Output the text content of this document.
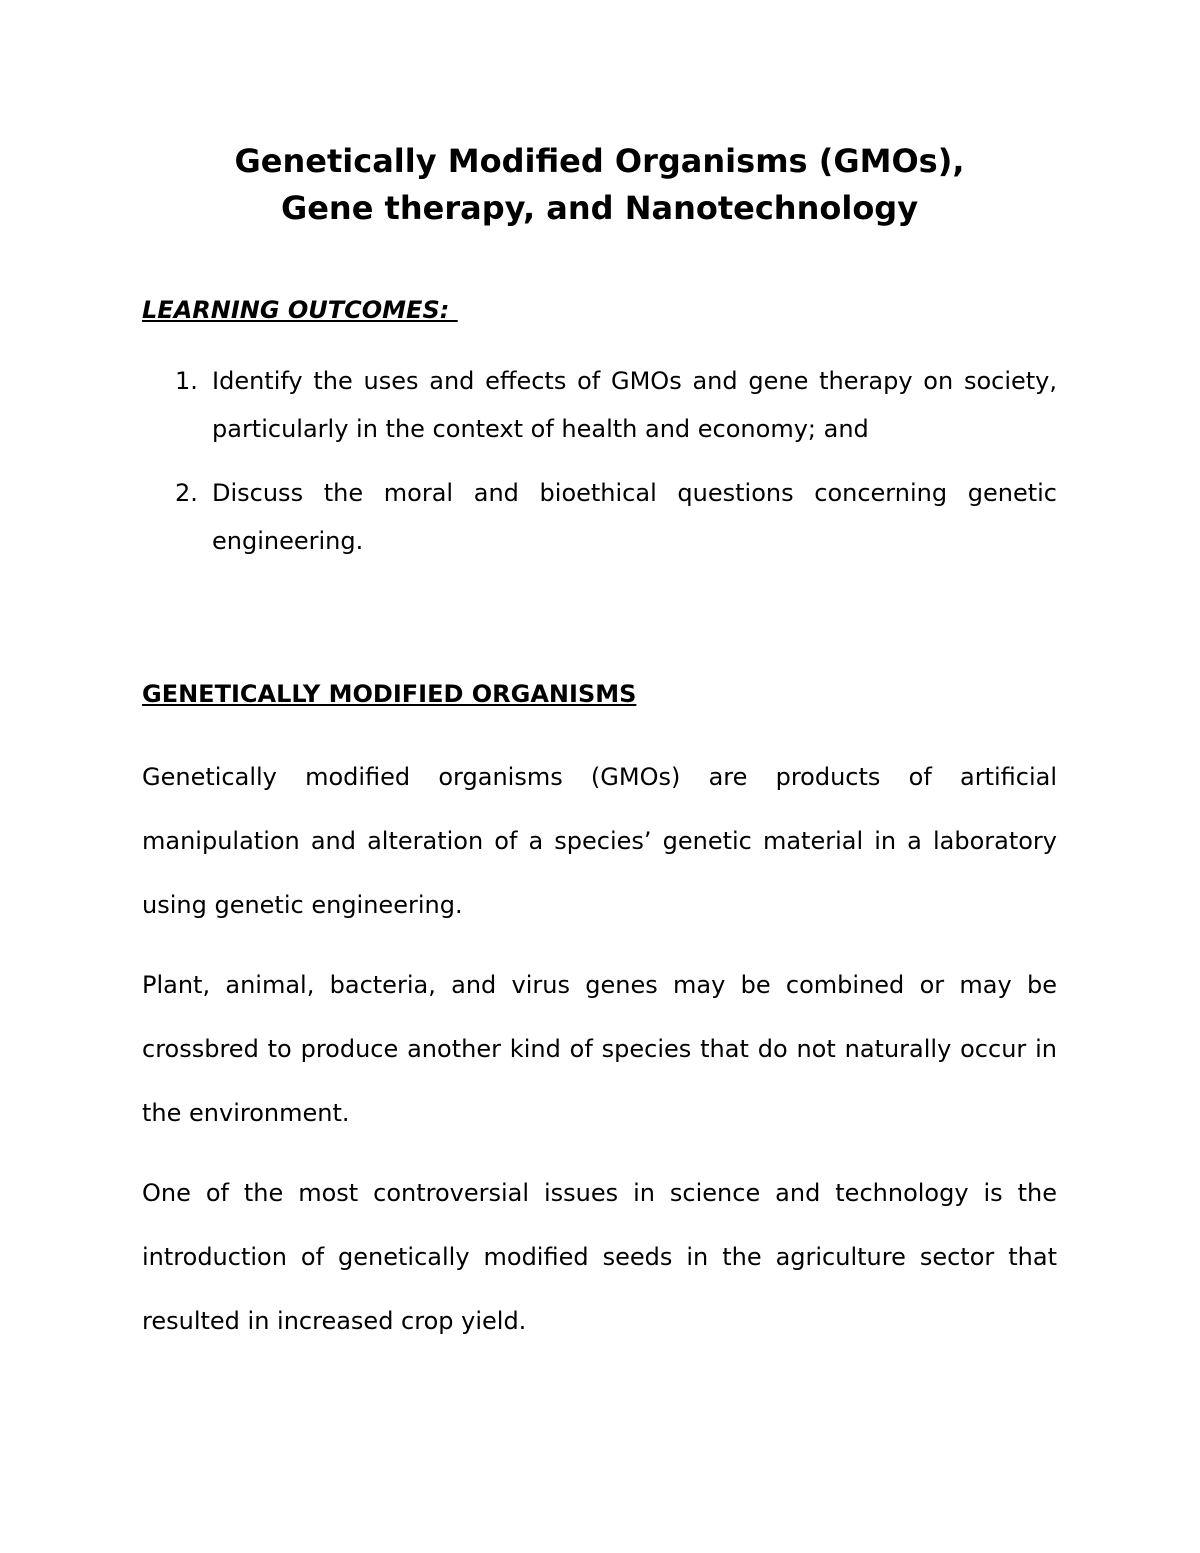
Genetically Modified Organisms (GMOs),
Gene therapy, and Nanotechnology
LEARNING OUTCOMES:
1. Identify the uses and effects of GMOs and gene therapy on society, particularly in the context of health and economy; and
2. Discuss the moral and bioethical questions concerning genetic engineering.
GENETICALLY MODIFIED ORGANISMS

Genetically modified organisms (GMOs) are products of artificial manipulation and alteration of a species’ genetic material in a laboratory using genetic engineering.

Plant, animal, bacteria, and virus genes may be combined or may be crossbred to produce another kind of species that do not naturally occur in the environment.

One of the most controversial issues in science and technology is the introduction of genetically modified seeds in the agriculture sector that resulted in increased crop yield.
